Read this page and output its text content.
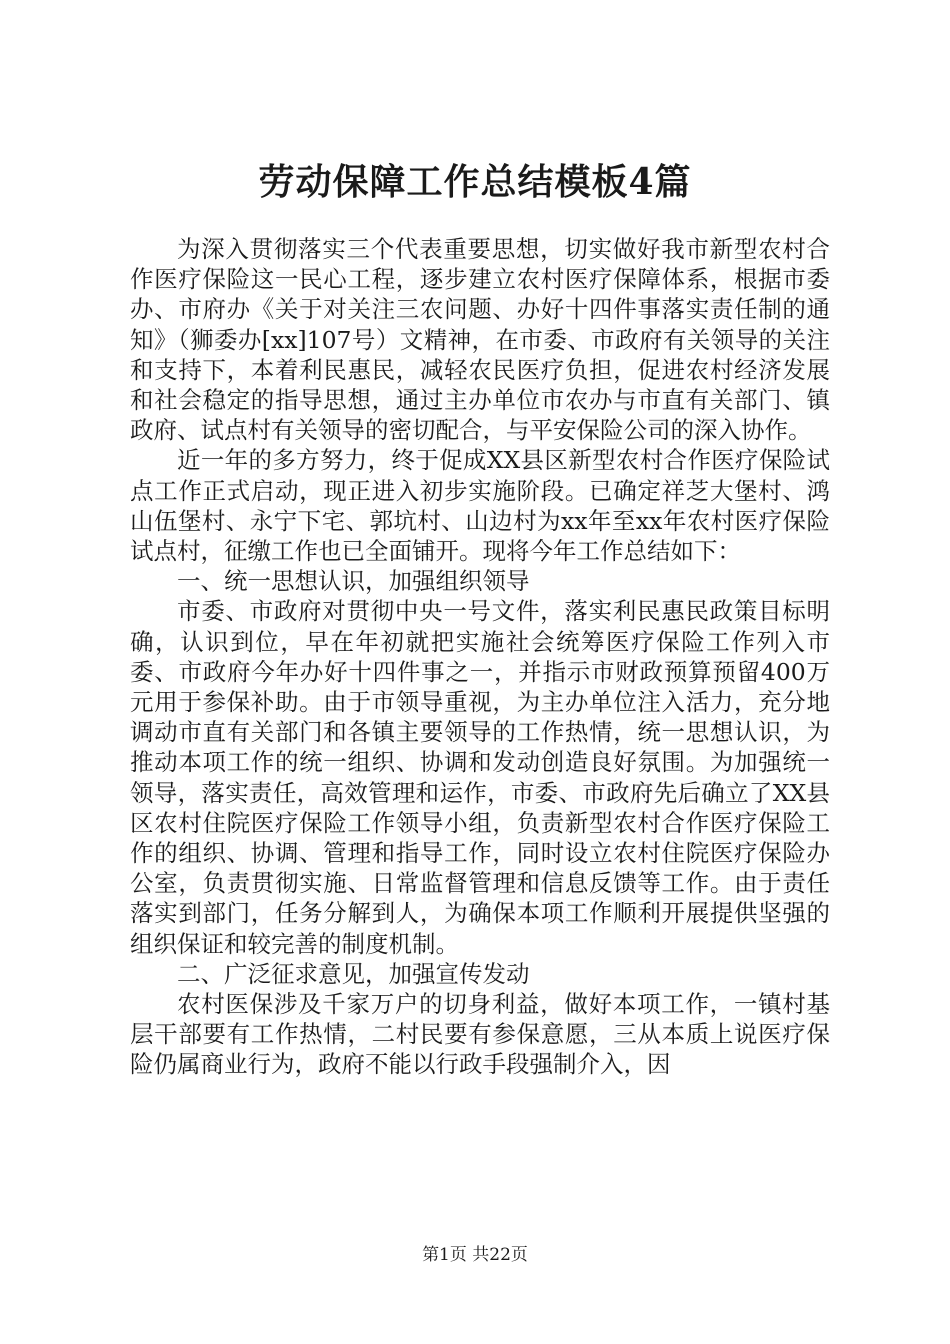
劳动保障工作总结模板4篇

为深入贯彻落实三个代表重要思想，切实做好我市新型农村合作医疗保险这一民心工程，逐步建立农村医疗保障体系，根据市委办、市府办《关于对关注三农问题、办好十四件事落实责任制的通知》（狮委办[xx]107号）文精神，在市委、市政府有关领导的关注和支持下，本着利民惠民，减轻农民医疗负担，促进农村经济发展和社会稳定的指导思想，通过主办单位市农办与市直有关部门、镇政府、试点村有关领导的密切配合，与平安保险公司的深入协作。

近一年的多方努力，终于促成XX县区新型农村合作医疗保险试点工作正式启动，现正进入初步实施阶段。已确定祥芝大堡村、鸿山伍堡村、永宁下宅、郭坑村、山边村为xx年至xx年农村医疗保险试点村，征缴工作也已全面铺开。现将今年工作总结如下：

一、统一思想认识，加强组织领导

市委、市政府对贯彻中央一号文件，落实利民惠民政策目标明确，认识到位，早在年初就把实施社会统筹医疗保险工作列入市委、市政府今年办好十四件事之一，并指示市财政预算预留400万元用于参保补助。由于市领导重视，为主办单位注入活力，充分地调动市直有关部门和各镇主要领导的工作热情，统一思想认识，为推动本项工作的统一组织、协调和发动创造良好氛围。为加强统一领导，落实责任，高效管理和运作，市委、市政府先后确立了XX县区农村住院医疗保险工作领导小组，负责新型农村合作医疗保险工作的组织、协调、管理和指导工作，同时设立农村住院医疗保险办公室，负责贯彻实施、日常监督管理和信息反馈等工作。由于责任落实到部门，任务分解到人，为确保本项工作顺利开展提供坚强的组织保证和较完善的制度机制。

二、广泛征求意见，加强宣传发动

农村医保涉及千家万户的切身利益，做好本项工作，一镇村基层干部要有工作热情，二村民要有参保意愿，三从本质上说医疗保险仍属商业行为，政府不能以行政手段强制介入，因

第1页 共22页
